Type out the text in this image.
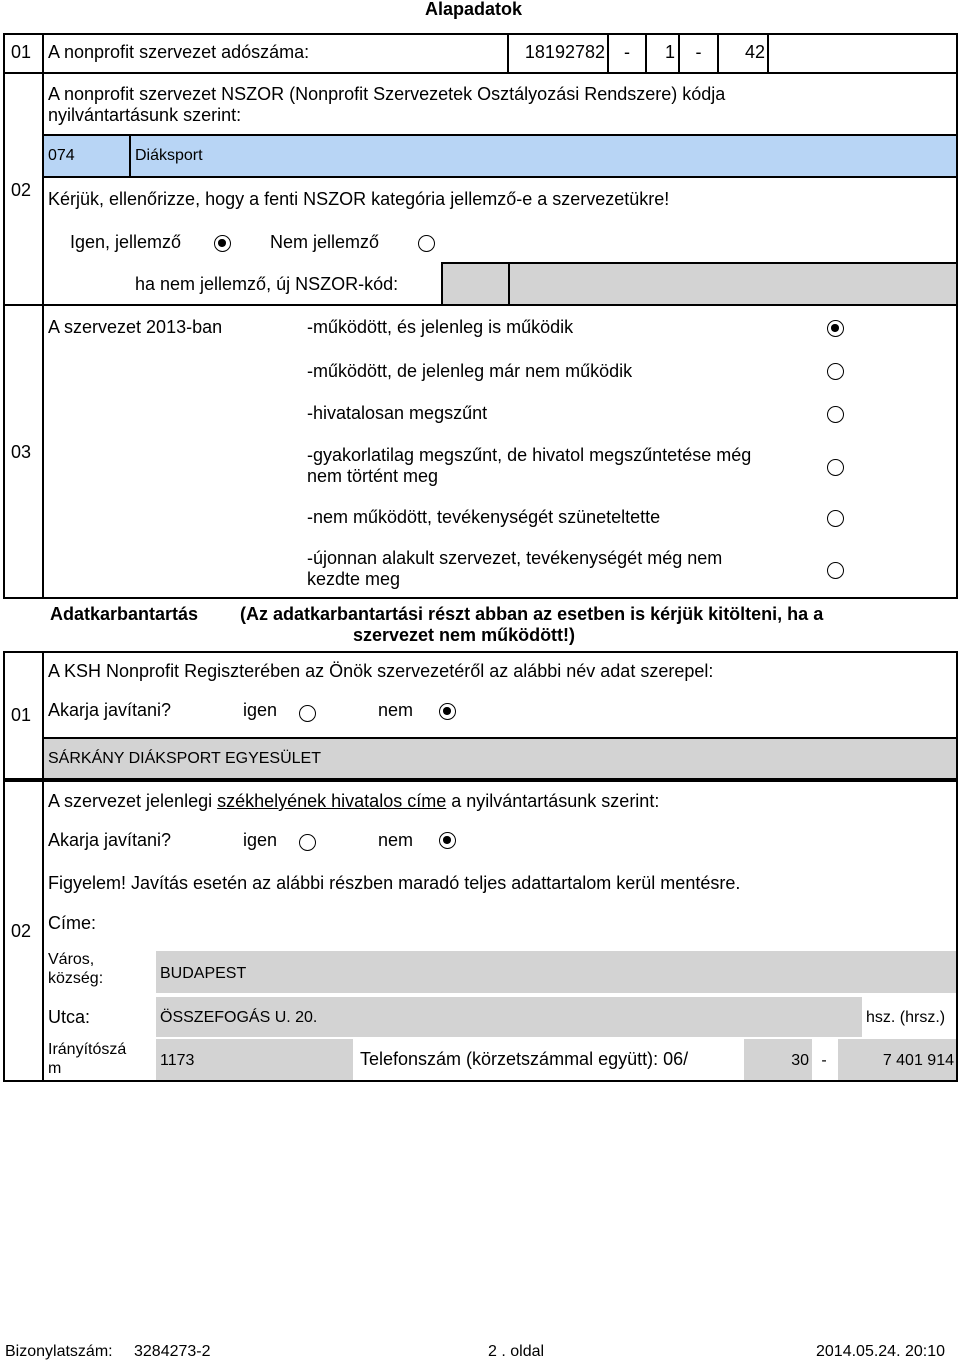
Alapadatok
01 A nonprofit szervezet adószáma:	18192782	-	1	-	42
02
A nonprofit szervezet NSZOR (Nonprofit Szervezetek Osztályozási Rendszere) kódja
nyilvántartásunk szerint:
074	Diáksport
Kérjük, ellenőrizze, hogy a fenti NSZOR kategória jellemző-e a szervezetükre!
Igen, jellemző	Nem jellemző
ha nem jellemző, új NSZOR-kód:
03
A szervezet 2013-ban	-működött, és jelenleg is működik
-működött, de jelenleg már nem működik
-hivatalosan megszűnt
-gyakorlatilag megszűnt, de hivatol megszűntetése még
nem történt meg
-nem működött, tevékenységét szüneteltette
-újonnan alakult szervezet, tevékenységét még nem
kezdte meg
Adatkarbantartás (Az adatkarbantartási részt abban az esetben is kérjük kitölteni, ha a
szervezet nem működött!)
01
A KSH Nonprofit Regiszterében az Önök szervezetéről az alábbi név adat szerepel:
Akarja javítani?	igen	nem
SÁRKÁNY DIÁKSPORT EGYESÜLET
02
A szervezet jelenlegi székhelyének hivatalos címe a nyilvántartásunk szerint:
Akarja javítani?	igen	nem
Figyelem! Javítás esetén az alábbi részben maradó teljes adattartalom kerül mentésre.
Címe:
Város,
község:	BUDAPEST
Utca:	ÖSSZEFOGÁS U. 20.	hsz. (hrsz.)
Irányítószá
m	1173	Telefonszám (körzetszámmal együtt): 06/	30 -	7 401 914
Bizonylatszám: 3284273-2	2 . oldal	2014.05.24. 20:10
